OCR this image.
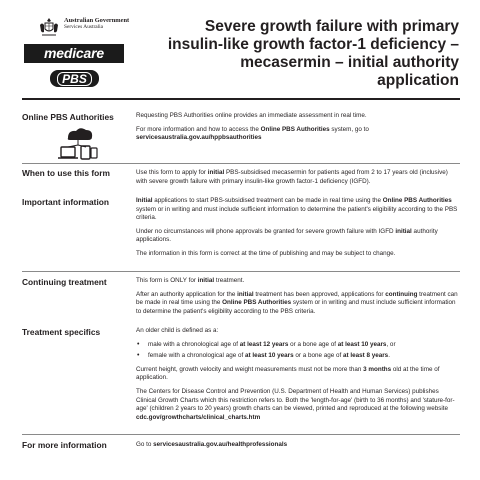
Australian Government
Services Australia
medicare
PBS
Severe growth failure with primary insulin-like growth factor-1 deficiency – mecasermin – initial authority application
Online PBS Authorities	Requesting PBS Authorities online provides an immediate assessment in real time.

For more information and how to access the Online PBS Authorities system, go to
servicesaustralia.gov.au/hppbsauthorities

When to use this form	Use this form to apply for initial PBS-subsidised mecasermin for patients aged from 2 to 17 years old (inclusive) with severe growth failure with primary insulin-like growth factor-1 deficiency (IGFD).

Important information	Initial applications to start PBS-subsidised treatment can be made in real time using the Online PBS Authorities system or in writing and must include sufficient information to determine the patient's eligibility according to the PBS criteria.

Under no circumstances will phone approvals be granted for severe growth failure with IGFD initial authority applications.

The information in this form is correct at the time of publishing and may be subject to change.

Continuing treatment	This form is ONLY for initial treatment.

After an authority application for the initial treatment has been approved, applications for continuing treatment can be made in real time using the Online PBS Authorities system or in writing and must include sufficient information to determine the patient's eligibility according to the PBS criteria.

Treatment specifics	An older child is defined as a:

• male with a chronological age of at least 12 years or a bone age of at least 10 years, or
• female with a chronological age of at least 10 years or a bone age of at least 8 years.

Current height, growth velocity and weight measurements must not be more than 3 months old at the time of application.

The Centers for Disease Control and Prevention (U.S. Department of Health and Human Services) publishes Clinical Growth Charts which this restriction refers to. Both the 'length-for-age' (birth to 36 months) and 'stature-for-age' (children 2 years to 20 years) growth charts can be viewed, printed and reproduced at the following website cdc.gov/growthcharts/clinical_charts.htm

For more information	Go to servicesaustralia.gov.au/healthprofessionals
